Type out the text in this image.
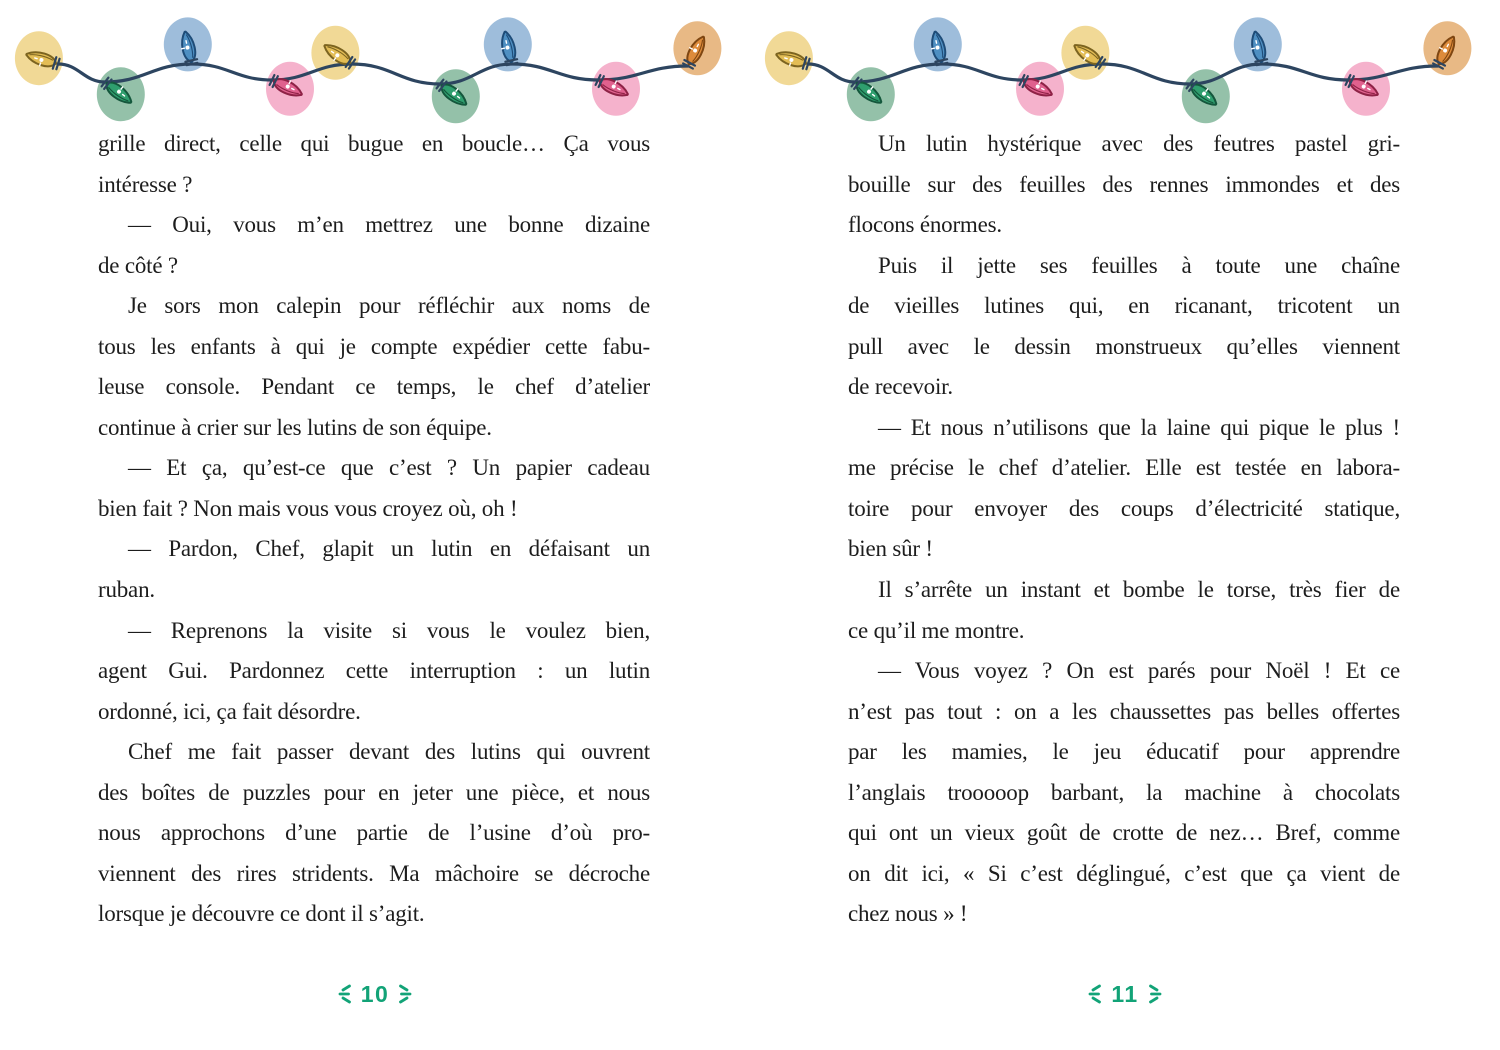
grille direct, celle qui bugue en boucle… Ça vous
intéresse ?
— Oui, vous m’en mettrez une bonne dizaine
de côté ?
Je sors mon calepin pour réfléchir aux noms de
tous les enfants à qui je compte expédier cette fabu-
leuse console. Pendant ce temps, le chef d’atelier
continue à crier sur les lutins de son équipe.
— Et ça, qu’est-ce que c’est ? Un papier cadeau
bien fait ? Non mais vous vous croyez où, oh !
— Pardon, Chef, glapit un lutin en défaisant un
ruban.
— Reprenons la visite si vous le voulez bien,
agent Gui. Pardonnez cette interruption : un lutin
ordonné, ici, ça fait désordre.
Chef me fait passer devant des lutins qui ouvrent
des boîtes de puzzles pour en jeter une pièce, et nous
nous approchons d’une partie de l’usine d’où pro-
viennent des rires stridents. Ma mâchoire se décroche
lorsque je découvre ce dont il s’agit.
10
Un lutin hystérique avec des feutres pastel gri-
bouille sur des feuilles des rennes immondes et des
flocons énormes.
Puis il jette ses feuilles à toute une chaîne
de vieilles lutines qui, en ricanant, tricotent un
pull avec le dessin monstrueux qu’elles viennent
de recevoir.
— Et nous n’utilisons que la laine qui pique le plus !
me précise le chef d’atelier. Elle est testée en labora-
toire pour envoyer des coups d’électricité statique,
bien sûr !
Il s’arrête un instant et bombe le torse, très fier de
ce qu’il me montre.
— Vous voyez ? On est parés pour Noël ! Et ce
n’est pas tout : on a les chaussettes pas belles offertes
par les mamies, le jeu éducatif pour apprendre
l’anglais trooooop barbant, la machine à chocolats
qui ont un vieux goût de crotte de nez… Bref, comme
on dit ici, « Si c’est déglingué, c’est que ça vient de
chez nous » !
11
